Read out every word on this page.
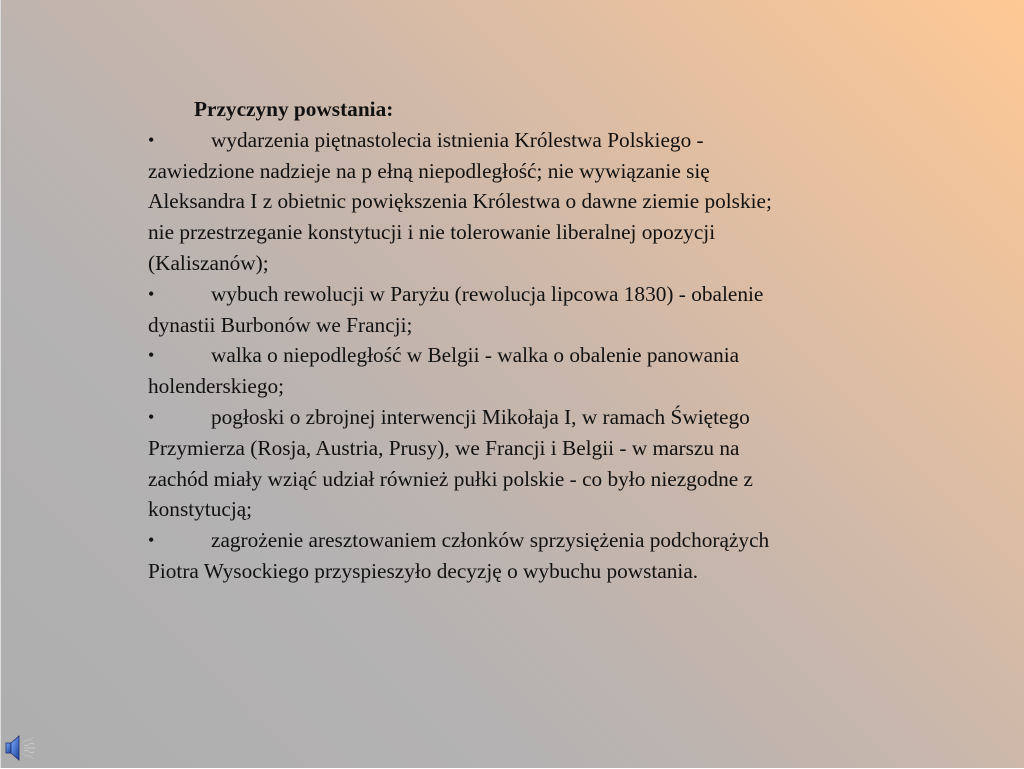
Przyczyny powstania:
•	wydarzenia piętnastolecia istnienia Królestwa Polskiego - zawiedzione nadzieje na p ełną niepodległość; nie wywiązanie się Aleksandra I z obietnic powiększenia Królestwa o dawne ziemie polskie; nie przestrzeganie konstytucji i nie tolerowanie liberalnej opozycji (Kaliszanów);
•	wybuch rewolucji w Paryżu (rewolucja lipcowa 1830) - obalenie dynastii Burbonów we Francji;
•	walka o niepodległość w Belgii - walka o obalenie panowania holenderskiego;
•	pogłoski o zbrojnej interwencji Mikołaja I, w ramach Świętego Przymierza (Rosja, Austria, Prusy), we Francji i Belgii - w marszu na zachód miały wziąć udział również pułki polskie - co było niezgodne z konstytucją;
•	zagrożenie aresztowaniem członków sprzysiężenia podchorążych Piotra Wysockiego przyspieszyło decyzję o wybuchu powstania.
